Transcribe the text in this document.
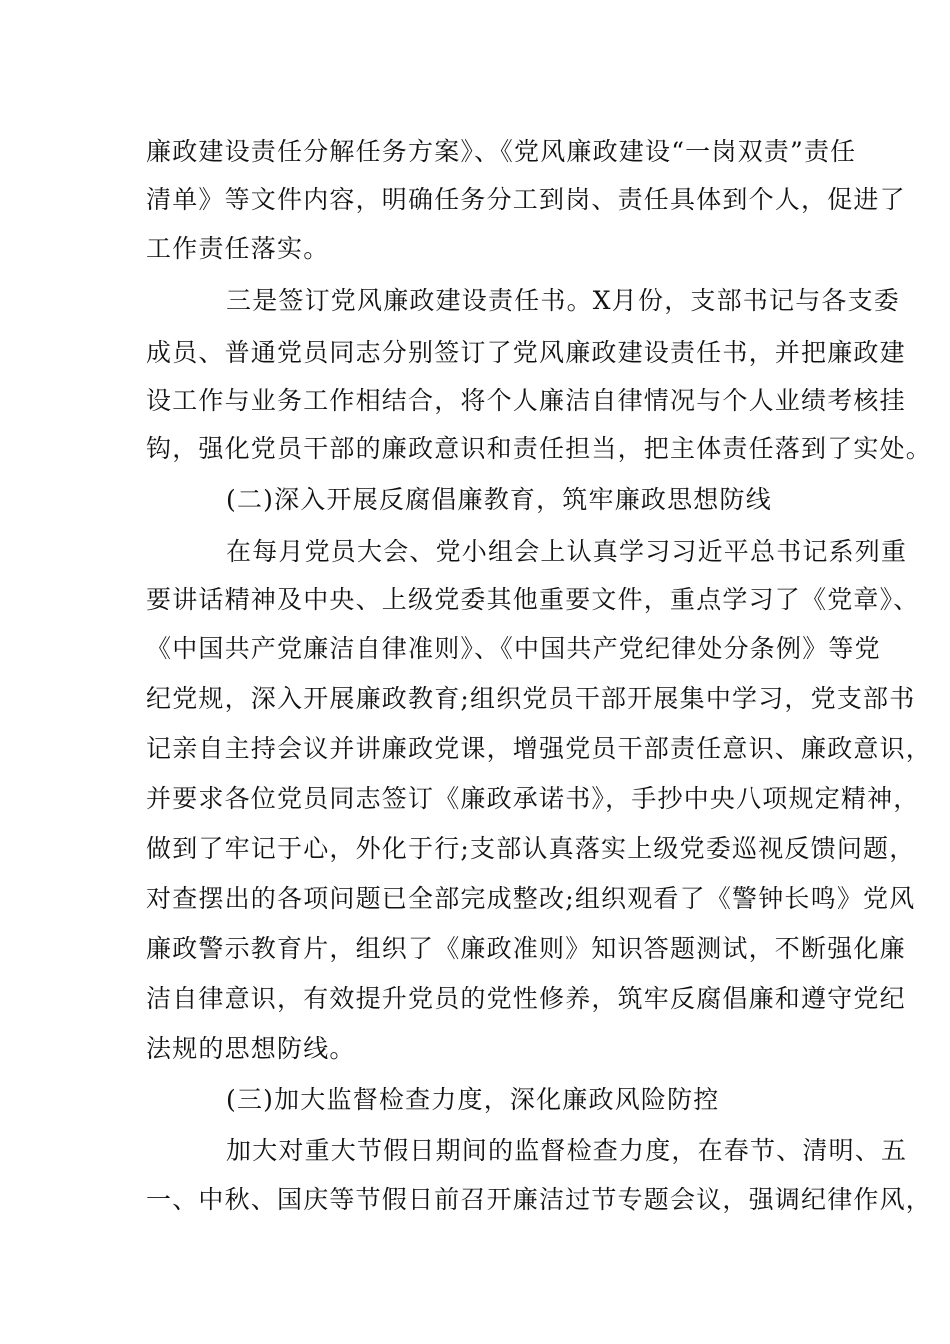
廉政建设责任分解任务方案》、《党风廉政建设“一岗双责”责任
清单》等文件内容，明确任务分工到岗、责任具体到个人，促进了
工作责任落实。
三是签订党风廉政建设责任书。X月份，支部书记与各支委
成员、普通党员同志分别签订了党风廉政建设责任书，并把廉政建
设工作与业务工作相结合，将个人廉洁自律情况与个人业绩考核挂
钩，强化党员干部的廉政意识和责任担当，把主体责任落到了实处。
(二)深入开展反腐倡廉教育，筑牢廉政思想防线
在每月党员大会、党小组会上认真学习习近平总书记系列重
要讲话精神及中央、上级党委其他重要文件，重点学习了《党章》、
《中国共产党廉洁自律准则》、《中国共产党纪律处分条例》等党
纪党规，深入开展廉政教育;组织党员干部开展集中学习，党支部书
记亲自主持会议并讲廉政党课，增强党员干部责任意识、廉政意识，
并要求各位党员同志签订《廉政承诺书》，手抄中央八项规定精神，
做到了牢记于心，外化于行;支部认真落实上级党委巡视反馈问题，
对查摆出的各项问题已全部完成整改;组织观看了《警钟长鸣》党风
廉政警示教育片，组织了《廉政准则》知识答题测试，不断强化廉
洁自律意识，有效提升党员的党性修养，筑牢反腐倡廉和遵守党纪
法规的思想防线。
(三)加大监督检查力度，深化廉政风险防控
加大对重大节假日期间的监督检查力度，在春节、清明、五
一、中秋、国庆等节假日前召开廉洁过节专题会议，强调纪律作风，
